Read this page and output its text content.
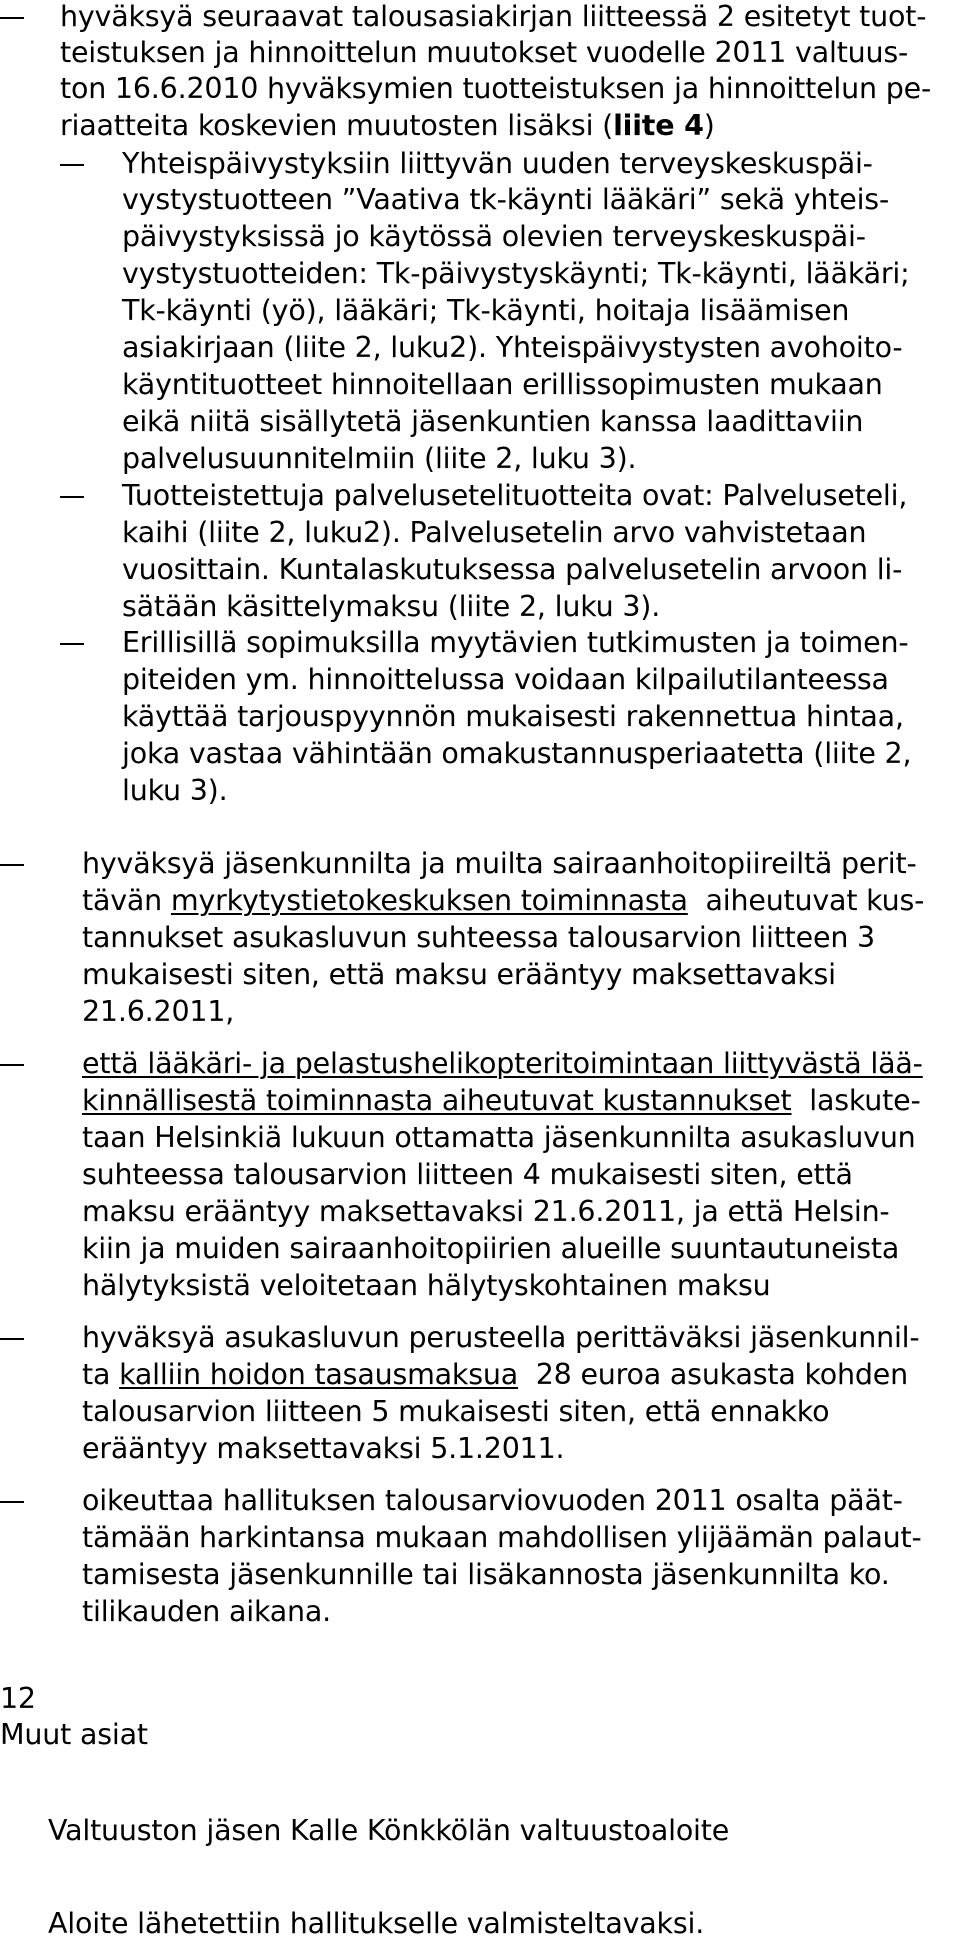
hyväksyä seuraavat talousasiakirjan liitteessä 2 esitetyt tuot-
teistuksen ja hinnoittelun muutokset vuodelle 2011 valtuus-
ton 16.6.2010 hyväksymien tuotteistuksen ja hinnoittelun pe-
riaatteita koskevien muutosten lisäksi (liite 4)
Yhteispäivystyksiin liittyvän uuden terveyskeskuspäi-
vystystuotteen ”Vaativa tk-käynti lääkäri” sekä yhteis-
päivystyksissä jo käytössä olevien terveyskeskuspäi-
vystystuotteiden: Tk-päivystyskäynti; Tk-käynti, lääkäri;
Tk-käynti (yö), lääkäri; Tk-käynti, hoitaja lisäämisen
asiakirjaan (liite 2, luku2). Yhteispäivystysten avohoito-
käyntituotteet hinnoitellaan erillissopimusten mukaan
eikä niitä sisällytetä jäsenkuntien kanssa laadittaviin
palvelusuunnitelmiin (liite 2, luku 3).
Tuotteistettuja palvelusetelituotteita ovat: Palveluseteli,
kaihi (liite 2, luku2). Palvelusetelin arvo vahvistetaan
vuosittain. Kuntalaskutuksessa palvelusetelin arvoon li-
sätään käsittelymaksu (liite 2, luku 3).
Erillisillä sopimuksilla myytävien tutkimusten ja toimen-
piteiden ym. hinnoittelussa voidaan kilpailutilanteessa
käyttää tarjouspyynnön mukaisesti rakennettua hintaa,
joka vastaa vähintään omakustannusperiaatetta (liite 2,
luku 3).
hyväksyä jäsenkunnilta ja muilta sairaanhoitopiireiltä perit-
tävän myrkytystietokeskuksen toiminnasta  aiheutuvat kus-
tannukset asukasluvun suhteessa talousarvion liitteen 3
mukaisesti siten, että maksu erääntyy maksettavaksi
21.6.2011,
että lääkäri- ja pelastushelikopteritoimintaan liittyvästä lää-
kinnällisestä toiminnasta aiheutuvat kustannukset  laskute-
taan Helsinkiä lukuun ottamatta jäsenkunnilta asukasluvun
suhteessa talousarvion liitteen 4 mukaisesti siten, että
maksu erääntyy maksettavaksi 21.6.2011, ja että Helsin-
kiin ja muiden sairaanhoitopiirien alueille suuntautuneista
hälytyksistä veloitetaan hälytyskohtainen maksu
hyväksyä asukasluvun perusteella perittäväksi jäsenkunnil-
ta kalliin hoidon tasausmaksua  28 euroa asukasta kohden
talousarvion liitteen 5 mukaisesti siten, että ennakko
erääntyy maksettavaksi 5.1.2011.
oikeuttaa hallituksen talousarviovuoden 2011 osalta päät-
tämään harkintansa mukaan mahdollisen ylijäämän palaut-
tamisesta jäsenkunnille tai lisäkannosta jäsenkunnilta ko.
tilikauden aikana.
12
Muut asiat
Valtuuston jäsen Kalle Könkkölän valtuustoaloite
Aloite lähetettiin hallitukselle valmisteltavaksi.
